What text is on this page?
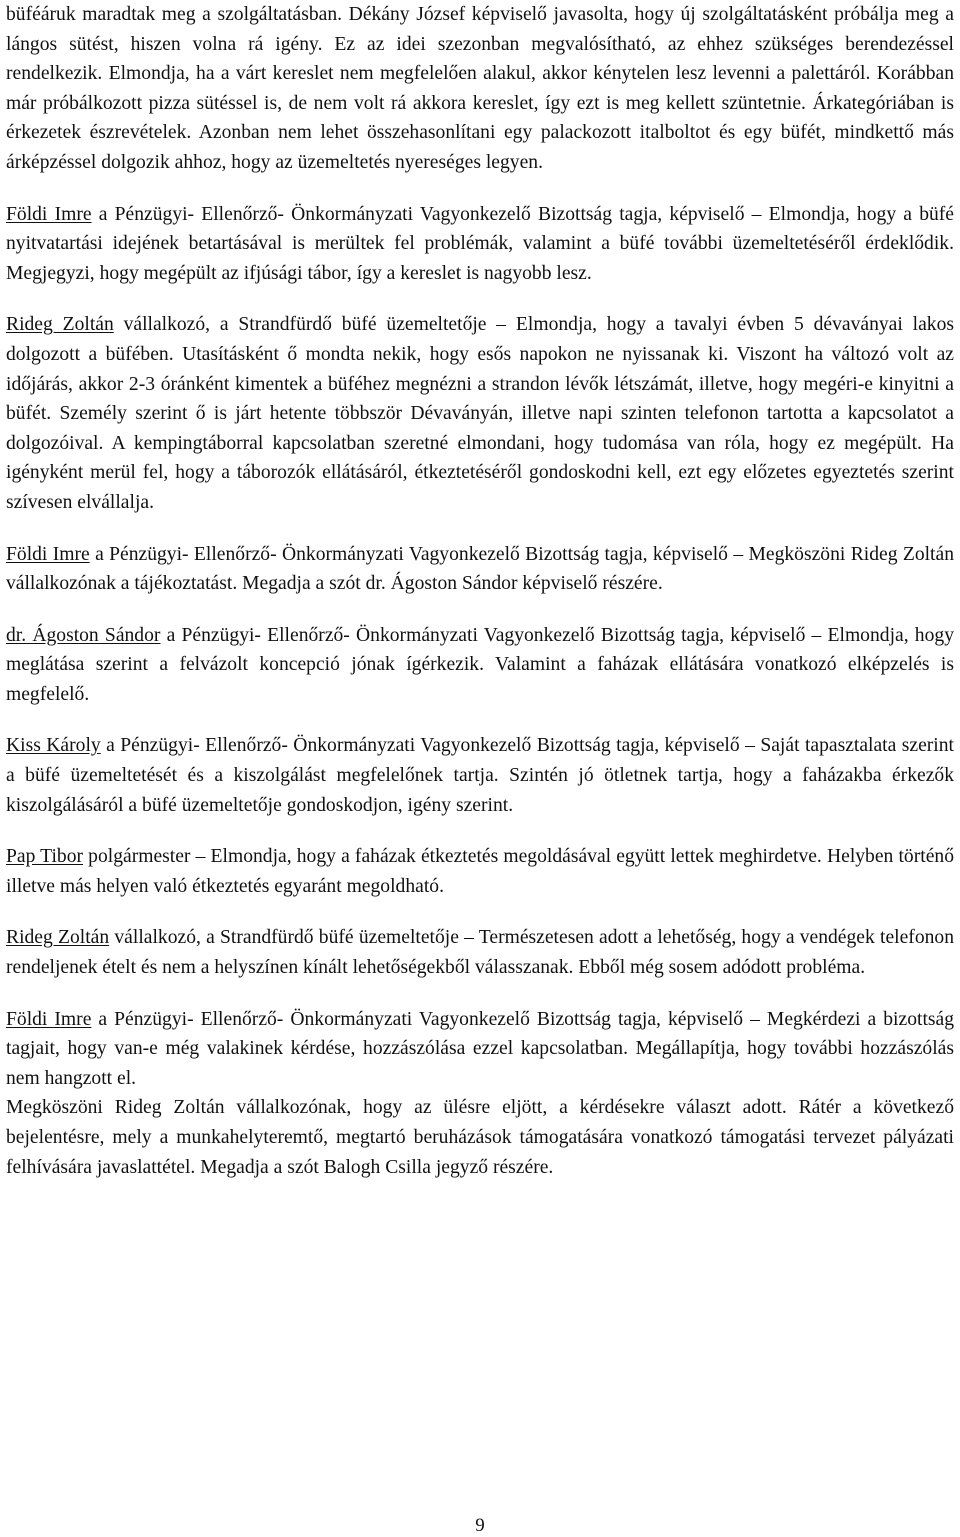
büféáruk maradtak meg a szolgáltatásban. Dékány József képviselő javasolta, hogy új szolgáltatásként próbálja meg a lángos sütést, hiszen volna rá igény. Ez az idei szezonban megvalósítható, az ehhez szükséges berendezéssel rendelkezik. Elmondja, ha a várt kereslet nem megfelelően alakul, akkor kénytelen lesz levenni a palettáról. Korábban már próbálkozott pizza sütéssel is, de nem volt rá akkora kereslet, így ezt is meg kellett szüntetnie. Árkategóriában is érkezetek észrevételek. Azonban nem lehet összehasonlítani egy palackozott italboltot és egy büfét, mindkettő más árképzéssel dolgozik ahhoz, hogy az üzemeltetés nyereséges legyen.

Földi Imre a Pénzügyi- Ellenőrző- Önkormányzati Vagyonkezelő Bizottság tagja, képviselő – Elmondja, hogy a büfé nyitvatartási idejének betartásával is merültek fel problémák, valamint a büfé további üzemeltetéséről érdeklődik. Megjegyzi, hogy megépült az ifjúsági tábor, így a kereslet is nagyobb lesz.

Rideg Zoltán vállalkozó, a Strandfürdő büfé üzemeltetője – Elmondja, hogy a tavalyi évben 5 dévaványai lakos dolgozott a büfében. Utasításként ő mondta nekik, hogy esős napokon ne nyissanak ki. Viszont ha változó volt az időjárás, akkor 2-3 óránként kimentek a büféhez megnézni a strandon lévők létszámát, illetve, hogy megéri-e kinyitni a büfét. Személy szerint ő is járt hetente többször Dévaványán, illetve napi szinten telefonon tartotta a kapcsolatot a dolgozóival. A kempingtáborral kapcsolatban szeretné elmondani, hogy tudomása van róla, hogy ez megépült. Ha igényként merül fel, hogy a táborozók ellátásáról, étkeztetéséről gondoskodni kell, ezt egy előzetes egyeztetés szerint szívesen elvállalja.

Földi Imre a Pénzügyi- Ellenőrző- Önkormányzati Vagyonkezelő Bizottság tagja, képviselő – Megköszöni Rideg Zoltán vállalkozónak a tájékoztatást. Megadja a szót dr. Ágoston Sándor képviselő részére.

dr. Ágoston Sándor a Pénzügyi- Ellenőrző- Önkormányzati Vagyonkezelő Bizottság tagja, képviselő – Elmondja, hogy meglátása szerint a felvázolt koncepció jónak ígérkezik. Valamint a faházak ellátására vonatkozó elképzelés is megfelelő.

Kiss Károly a Pénzügyi- Ellenőrző- Önkormányzati Vagyonkezelő Bizottság tagja, képviselő – Saját tapasztalata szerint a büfé üzemeltetését és a kiszolgálást megfelelőnek tartja. Szintén jó ötletnek tartja, hogy a faházakba érkezők kiszolgálásáról a büfé üzemeltetője gondoskodjon, igény szerint.

Pap Tibor polgármester – Elmondja, hogy a faházak étkeztetés megoldásával együtt lettek meghirdetve. Helyben történő illetve más helyen való étkeztetés egyaránt megoldható.

Rideg Zoltán vállalkozó, a Strandfürdő büfé üzemeltetője – Természetesen adott a lehetőség, hogy a vendégek telefonon rendeljenek ételt és nem a helyszínen kínált lehetőségekből válasszanak. Ebből még sosem adódott probléma.

Földi Imre a Pénzügyi- Ellenőrző- Önkormányzati Vagyonkezelő Bizottság tagja, képviselő – Megkérdezi a bizottság tagjait, hogy van-e még valakinek kérdése, hozzászólása ezzel kapcsolatban. Megállapítja, hogy további hozzászólás nem hangzott el.

Megköszöni Rideg Zoltán vállalkozónak, hogy az ülésre eljött, a kérdésekre választ adott. Rátér a következő bejelentésre, mely a munkahelyteremtő, megtartó beruházások támogatására vonatkozó támogatási tervezet pályázati felhívására javaslattétel. Megadja a szót Balogh Csilla jegyző részére.

9
